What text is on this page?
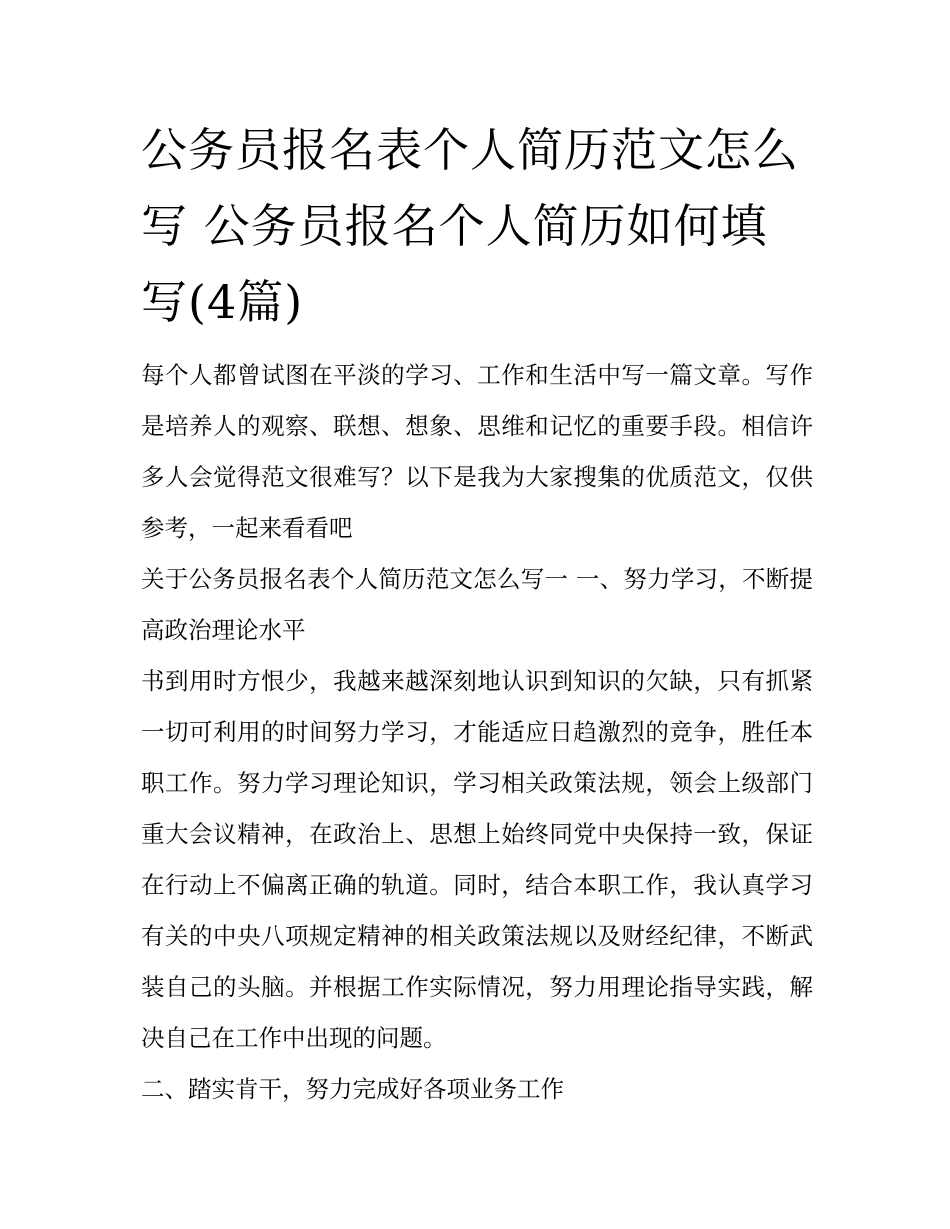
公务员报名表个人简历范文怎么写 公务员报名个人简历如何填写(4篇)

每个人都曾试图在平淡的学习、工作和生活中写一篇文章。写作是培养人的观察、联想、想象、思维和记忆的重要手段。相信许多人会觉得范文很难写？以下是我为大家搜集的优质范文，仅供参考，一起来看看吧

关于公务员报名表个人简历范文怎么写一 一、努力学习，不断提高政治理论水平

书到用时方恨少，我越来越深刻地认识到知识的欠缺，只有抓紧一切可利用的时间努力学习，才能适应日趋激烈的竞争，胜任本职工作。努力学习理论知识，学习相关政策法规，领会上级部门重大会议精神，在政治上、思想上始终同党中央保持一致，保证在行动上不偏离正确的轨道。同时，结合本职工作，我认真学习有关的中央八项规定精神的相关政策法规以及财经纪律，不断武装自己的头脑。并根据工作实际情况，努力用理论指导实践，解决自己在工作中出现的问题。

二、踏实肯干，努力完成好各项业务工作
